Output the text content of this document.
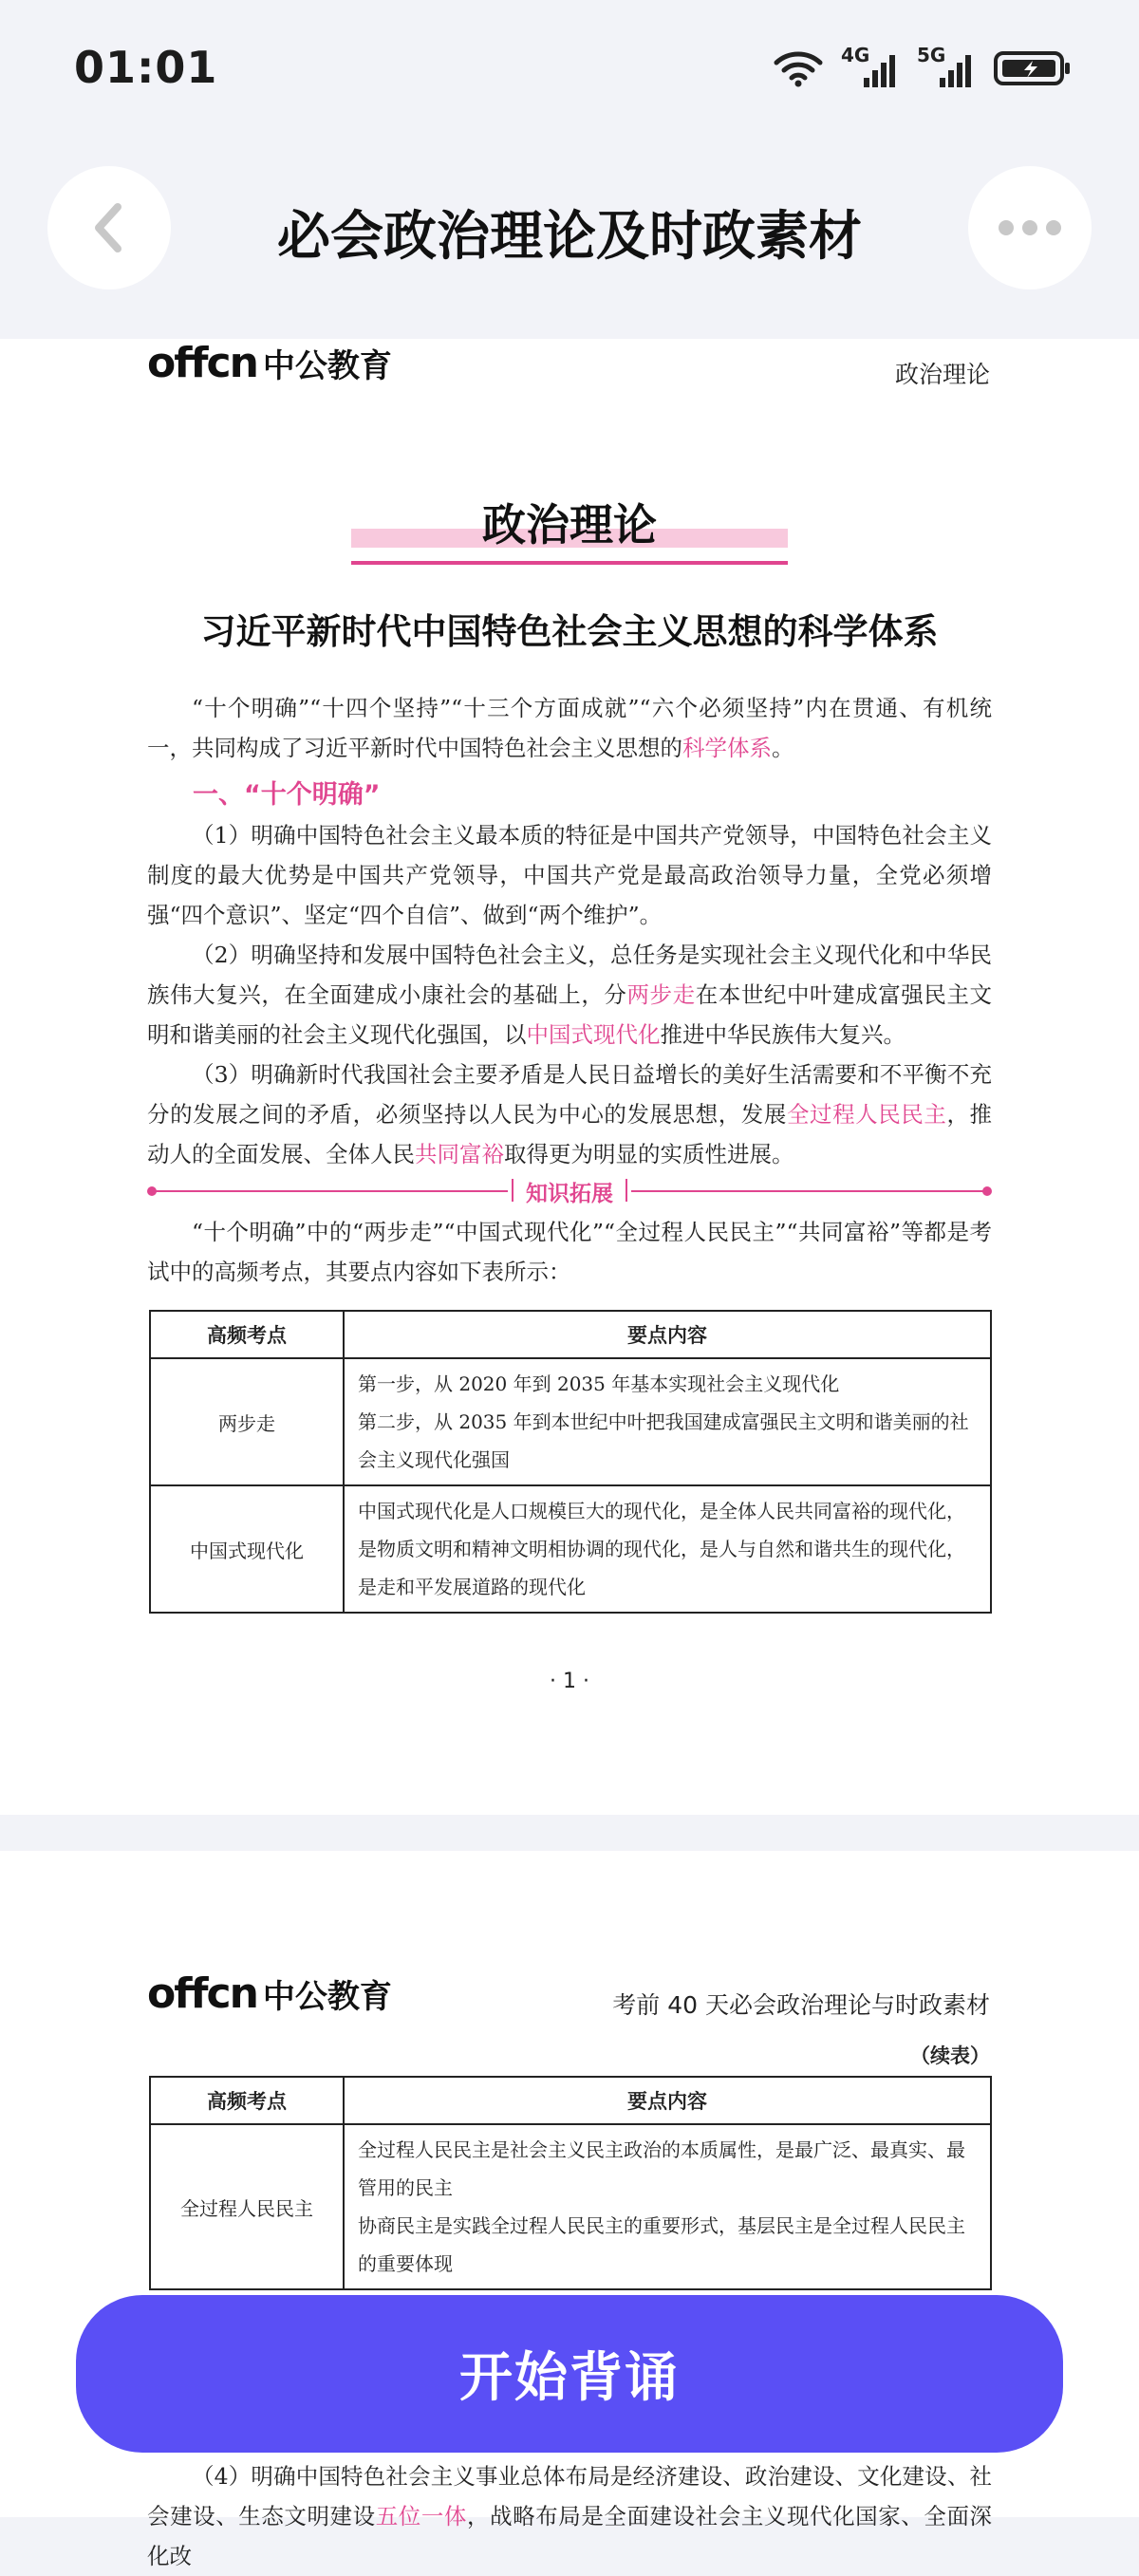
01:01	4G 5G
必会政治理论及时政素材
offcn 中公教育	政治理论
政治理论
习近平新时代中国特色社会主义思想的科学体系

“十个明确”“十四个坚持”“十三个方面成就”“六个必须坚持”内在贯通、有机统一，共同构成了习近平新时代中国特色社会主义思想的科学体系。

一、“十个明确”

（1）明确中国特色社会主义最本质的特征是中国共产党领导，中国特色社会主义制度的最大优势是中国共产党领导，中国共产党是最高政治领导力量，全党必须增强“四个意识”、坚定“四个自信”、做到“两个维护”。

（2）明确坚持和发展中国特色社会主义，总任务是实现社会主义现代化和中华民族伟大复兴，在全面建成小康社会的基础上，分两步走在本世纪中叶建成富强民主文明和谐美丽的社会主义现代化强国，以中国式现代化推进中华民族伟大复兴。

（3）明确新时代我国社会主要矛盾是人民日益增长的美好生活需要和不平衡不充分的发展之间的矛盾，必须坚持以人民为中心的发展思想，发展全过程人民民主，推动人的全面发展、全体人民共同富裕取得更为明显的实质性进展。

知识拓展

“十个明确”中的“两步走”“中国式现代化”“全过程人民民主”“共同富裕”等都是考试中的高频考点，其要点内容如下表所示：

高频考点	要点内容
两步走	第一步，从 2020 年到 2035 年基本实现社会主义现代化
第二步，从 2035 年到本世纪中叶把我国建成富强民主文明和谐美丽的社会主义现代化强国

中国式现代化	中国式现代化是人口规模巨大的现代化，是全体人民共同富裕的现代化，是物质文明和精神文明相协调的现代化，是人与自然和谐共生的现代化，是走和平发展道路的现代化
· 1 ·
offcn 中公教育	考前 40 天必会政治理论与时政素材
（续表）
高频考点	要点内容
全过程人民民主	全过程人民民主是社会主义民主政治的本质属性，是最广泛、最真实、最管用的民主
协商民主是实践全过程人民民主的重要形式，基层民主是全过程人民民主的重要体现

（4）明确中国特色社会主义事业总体布局是经济建设、政治建设、文化建设、社会建设、生态文明建设五位一体，战略布局是全面建设社会主义现代化国家、全面深化改

开始背诵
